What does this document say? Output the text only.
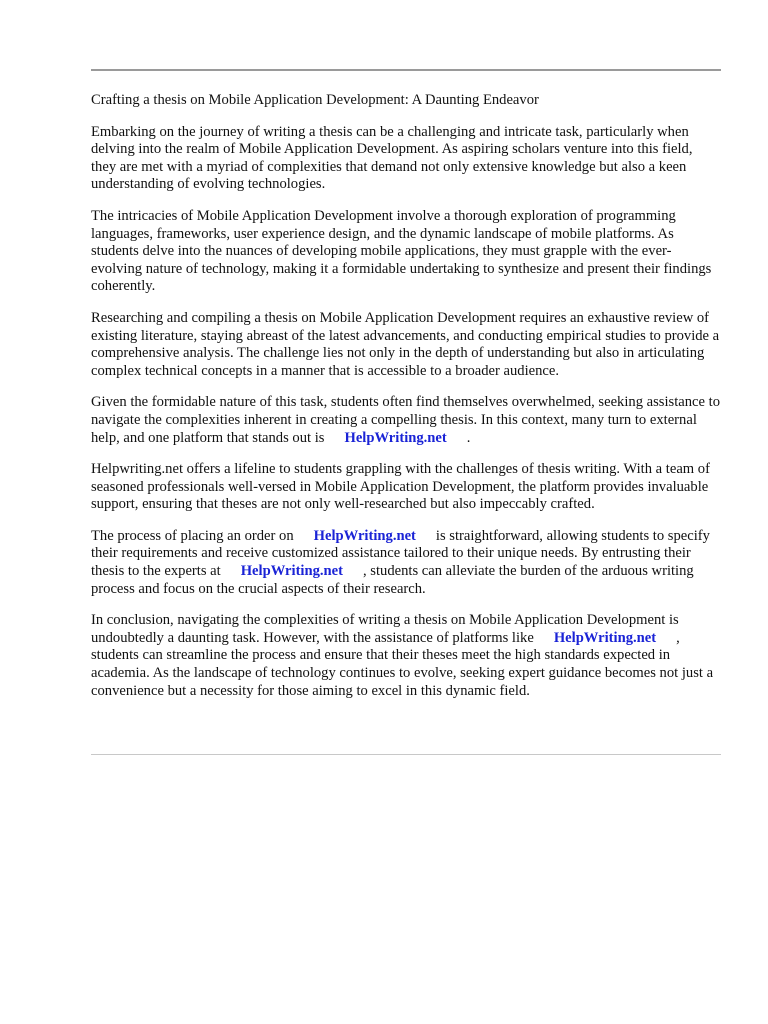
Crafting a thesis on Mobile Application Development: A Daunting Endeavor

Embarking on the journey of writing a thesis can be a challenging and intricate task, particularly when delving into the realm of Mobile Application Development. As aspiring scholars venture into this field, they are met with a myriad of complexities that demand not only extensive knowledge but also a keen understanding of evolving technologies.

The intricacies of Mobile Application Development involve a thorough exploration of programming languages, frameworks, user experience design, and the dynamic landscape of mobile platforms. As students delve into the nuances of developing mobile applications, they must grapple with the ever-evolving nature of technology, making it a formidable undertaking to synthesize and present their findings coherently.

Researching and compiling a thesis on Mobile Application Development requires an exhaustive review of existing literature, staying abreast of the latest advancements, and conducting empirical studies to provide a comprehensive analysis. The challenge lies not only in the depth of understanding but also in articulating complex technical concepts in a manner that is accessible to a broader audience.

Given the formidable nature of this task, students often find themselves overwhelmed, seeking assistance to navigate the complexities inherent in creating a compelling thesis. In this context, many turn to external help, and one platform that stands out is HelpWriting.net .

Helpwriting.net offers a lifeline to students grappling with the challenges of thesis writing. With a team of seasoned professionals well-versed in Mobile Application Development, the platform provides invaluable support, ensuring that theses are not only well-researched but also impeccably crafted.

The process of placing an order on HelpWriting.net is straightforward, allowing students to specify their requirements and receive customized assistance tailored to their unique needs. By entrusting their thesis to the experts at HelpWriting.net , students can alleviate the burden of the arduous writing process and focus on the crucial aspects of their research.

In conclusion, navigating the complexities of writing a thesis on Mobile Application Development is undoubtedly a daunting task. However, with the assistance of platforms like HelpWriting.net , students can streamline the process and ensure that their theses meet the high standards expected in academia. As the landscape of technology continues to evolve, seeking expert guidance becomes not just a convenience but a necessity for those aiming to excel in this dynamic field.
